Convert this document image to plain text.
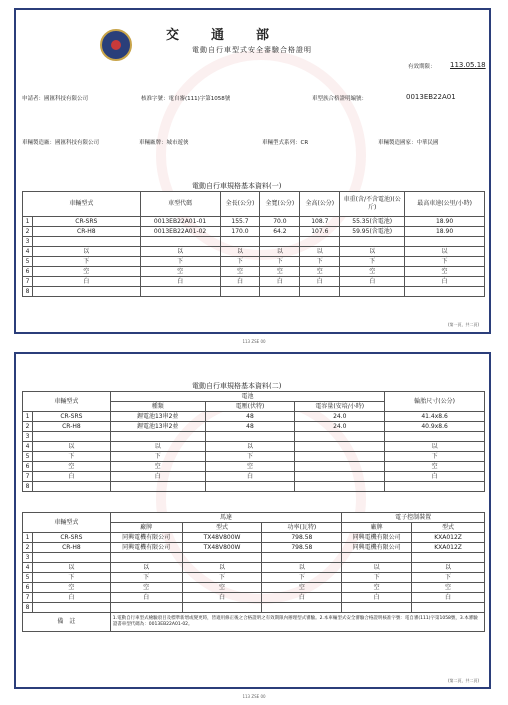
交　　通　　部
電動自行車型式安全審驗合格證明
有效期限： 113.05.18
申請者：國匯科技有限公司	核准字號：電自審(111)字第1058號	車型族合格證明編號：	0013EB22A01
車輛製造廠：國匯科技有限公司	車輛廠牌：城市遊俠	車輛型式系列：CR	車輛製造國家：中華民國
電動自行車規格基本資料(一)
車輛型式		車型代碼	全長(公分)	全寬(公分)	全高(公分)	車重(含/不含電池)(公斤)	最高車速(公里/小時)
1	CR-SRS	0013EB22A01-01	155.7	70.0	108.7	55.35(含電池)	18.90
2	CR-H8	0013EB22A01-02	170.0	64.2	107.6	59.95(含電池)	18.90
3							
4	以	以	以	以	以	以	以
5	下	下	下	下	下	下	下
6	空	空	空	空	空	空	空
7	白	白	白	白	白	白	白
8							
(第一頁，共二頁)
113 ZSE 00
電動自行車規格基本資料(二)
車輛型式		電池			輪胎尺寸(公分)
		種類	電壓(伏特)	電容量(安培/小時)	
1	CR-SRS	鋰電池13串2並	48	24.0	41.4x8.6
2	CR-H8	鋰電池13串2並	48	24.0	40.9x8.6
3					
4	以	以	以		以
5	下	下	下		下
6	空	空	空		空
7	白	白	白		白
8					
車輛型式		馬達			電子控制裝置	
		廠牌	型式	功率(瓦特)	廠牌	型式
1	CR-SRS	同興電機有限公司	TX48V800W	798.58	同興電機有限公司	KXA012Z
2	CR-H8	同興電機有限公司	TX48V800W	798.58	同興電機有限公司	KXA012Z
3						
4	以	以	以	以	以	以
5	下	下	下	下	下	下
6	空	空	空	空	空	空
7	白	白	白	白	白	白
8						
備　註		1.電動自行車型式檢驗項目及標準新增或變更時，皆適用修正後之合格證明之有效期限內辦理型式審驗。2.本車輛型式安全審驗合格證明核准字號：電自審(111)字第1058號，3.本審驗證書車型代碼為：0013EB22A01-02。				
(第二頁，共二頁)
113 ZSE 00
